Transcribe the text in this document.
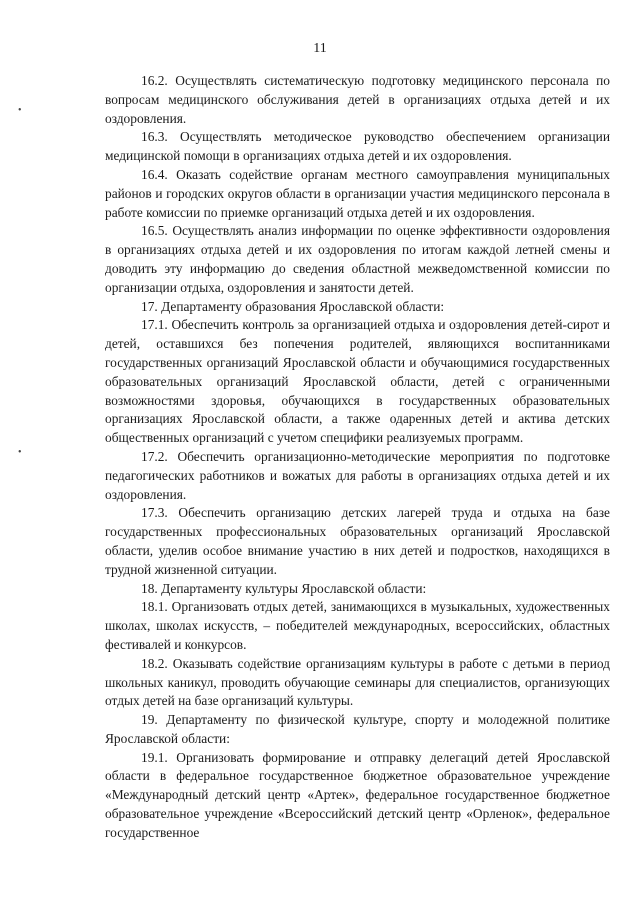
11
•
•

16.2. Осуществлять систематическую подготовку медицинского персонала по вопросам медицинского обслуживания детей в организациях отдыха детей и их оздоровления.

16.3. Осуществлять методическое руководство обеспечением организации медицинской помощи в организациях отдыха детей и их оздоровления.

16.4. Оказать содействие органам местного самоуправления муниципальных районов и городских округов области в организации участия медицинского персонала в работе комиссии по приемке организаций отдыха детей и их оздоровления.

16.5. Осуществлять анализ информации по оценке эффективности оздоровления в организациях отдыха детей и их оздоровления по итогам каждой летней смены и доводить эту информацию до сведения областной межведомственной комиссии по организации отдыха, оздоровления и занятости детей.

17. Департаменту образования Ярославской области:

17.1. Обеспечить контроль за организацией отдыха и оздоровления детей-сирот и детей, оставшихся без попечения родителей, являющихся воспитанниками государственных организаций Ярославской области и обучающимися государственных образовательных организаций Ярославской области, детей с ограниченными возможностями здоровья, обучающихся в государственных образовательных организациях Ярославской области, а также одаренных детей и актива детских общественных организаций с учетом специфики реализуемых программ.

17.2. Обеспечить организационно-методические мероприятия по подготовке педагогических работников и вожатых для работы в организациях отдыха детей и их оздоровления.

17.3. Обеспечить организацию детских лагерей труда и отдыха на базе государственных профессиональных образовательных организаций Ярославской области, уделив особое внимание участию в них детей и подростков, находящихся в трудной жизненной ситуации.

18. Департаменту культуры Ярославской области:

18.1. Организовать отдых детей, занимающихся в музыкальных, художественных школах, школах искусств, – победителей международных, всероссийских, областных фестивалей и конкурсов.

18.2. Оказывать содействие организациям культуры в работе с детьми в период школьных каникул, проводить обучающие семинары для специалистов, организующих отдых детей на базе организаций культуры.

19. Департаменту по физической культуре, спорту и молодежной политике Ярославской области:

19.1. Организовать формирование и отправку делегаций детей Ярославской области в федеральное государственное бюджетное образовательное учреждение «Международный детский центр «Артек», федеральное государственное бюджетное образовательное учреждение «Всероссийский детский центр «Орленок», федеральное государственное
